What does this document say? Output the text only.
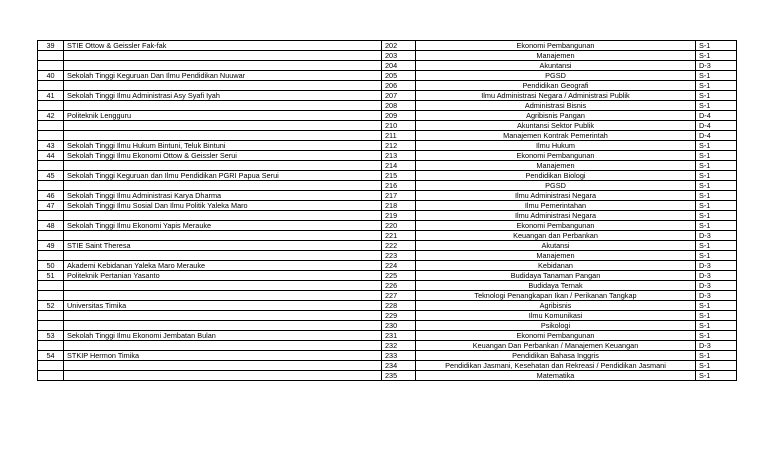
39	STIE Ottow & Geissler Fak-fak	202	Ekonomi Pembangunan	S-1
		203	Manajemen	S-1
		204	Akuntansi	D-3
40	Sekolah Tinggi Keguruan Dan Ilmu Pendidikan Nuuwar	205	PGSD	S-1
		206	Pendidikan Geografi	S-1
41	Sekolah Tinggi Ilmu Administrasi Asy Syafi Iyah	207	Ilmu Administrasi Negara / Administrasi Publik	S-1
		208	Administrasi Bisnis	S-1
42	Politeknik Lengguru	209	Agribisnis Pangan	D-4
		210	Akuntansi Sektor Publik	D-4
		211	Manajemen Kontrak Pemerintah	D-4
43	Sekolah Tinggi Ilmu Hukum Bintuni, Teluk Bintuni	212	Ilmu Hukum	S-1
44	Sekolah Tinggi Ilmu Ekonomi Ottow & Geissler Serui	213	Ekonomi Pembangunan	S-1
		214	Manajemen	S-1
45	Sekolah Tinggi Keguruan dan Ilmu Pendidikan PGRI Papua Serui	215	Pendidikan Biologi	S-1
		216	PGSD	S-1
46	Sekolah Tinggi Ilmu Administrasi Karya Dharma	217	Ilmu Administrasi Negara	S-1
47	Sekolah Tinggi Ilmu Sosial Dan Ilmu Politik Yaleka Maro	218	Ilmu Pemerintahan	S-1
		219	Ilmu Administrasi Negara	S-1
48	Sekolah Tinggi Ilmu Ekonomi Yapis Merauke	220	Ekonomi Pembangunan	S-1
		221	Keuangan dan Perbankan	D-3
49	STIE Saint Theresa	222	Akutansi	S-1
		223	Manajemen	S-1
50	Akademi Kebidanan Yaleka Maro Merauke	224	Kebidanan	D-3
51	Politeknik Pertanian Yasanto	225	Budidaya Tanaman Pangan	D-3
		226	Budidaya Ternak	D-3
		227	Teknologi Penangkapan Ikan / Perikanan Tangkap	D-3
52	Universitas Timika	228	Agribisnis	S-1
		229	Ilmu Komunikasi	S-1
		230	Psikologi	S-1
53	Sekolah Tinggi Ilmu Ekonomi Jembatan Bulan	231	Ekonomi Pembangunan	S-1
		232	Keuangan Dan Perbankan / Manajemen Keuangan	D-3
54	STKIP Hermon Timika	233	Pendidikan Bahasa Inggris	S-1
		234	Pendidikan Jasmani, Kesehatan dan Rekreasi / Pendidikan Jasmani	S-1
		235	Matematika	S-1
